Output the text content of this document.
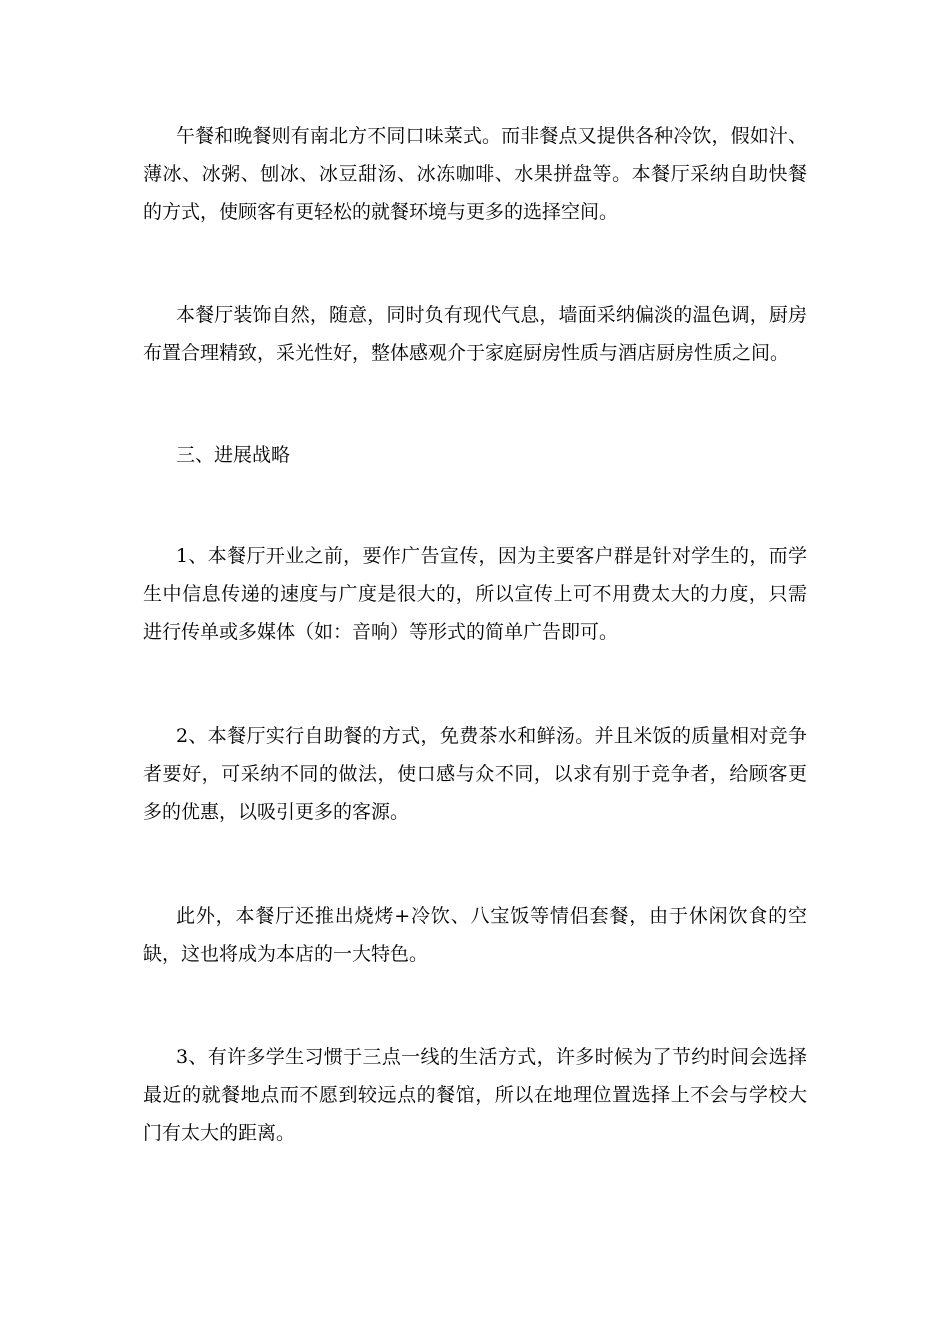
午餐和晚餐则有南北方不同口味菜式。而非餐点又提供各种冷饮，假如汁、薄冰、冰粥、刨冰、冰豆甜汤、冰冻咖啡、水果拼盘等。本餐厅采纳自助快餐的方式，使顾客有更轻松的就餐环境与更多的选择空间。

本餐厅装饰自然，随意，同时负有现代气息，墙面采纳偏淡的温色调，厨房布置合理精致，采光性好，整体感观介于家庭厨房性质与酒店厨房性质之间。

三、进展战略

1、本餐厅开业之前，要作广告宣传，因为主要客户群是针对学生的，而学生中信息传递的速度与广度是很大的，所以宣传上可不用费太大的力度，只需进行传单或多媒体（如：音响）等形式的简单广告即可。

2、本餐厅实行自助餐的方式，免费茶水和鲜汤。并且米饭的质量相对竞争者要好，可采纳不同的做法，使口感与众不同，以求有别于竞争者，给顾客更多的优惠，以吸引更多的客源。

此外，本餐厅还推出烧烤+冷饮、八宝饭等情侣套餐，由于休闲饮食的空缺，这也将成为本店的一大特色。

3、有许多学生习惯于三点一线的生活方式，许多时候为了节约时间会选择最近的就餐地点而不愿到较远点的餐馆，所以在地理位置选择上不会与学校大门有太大的距离。
